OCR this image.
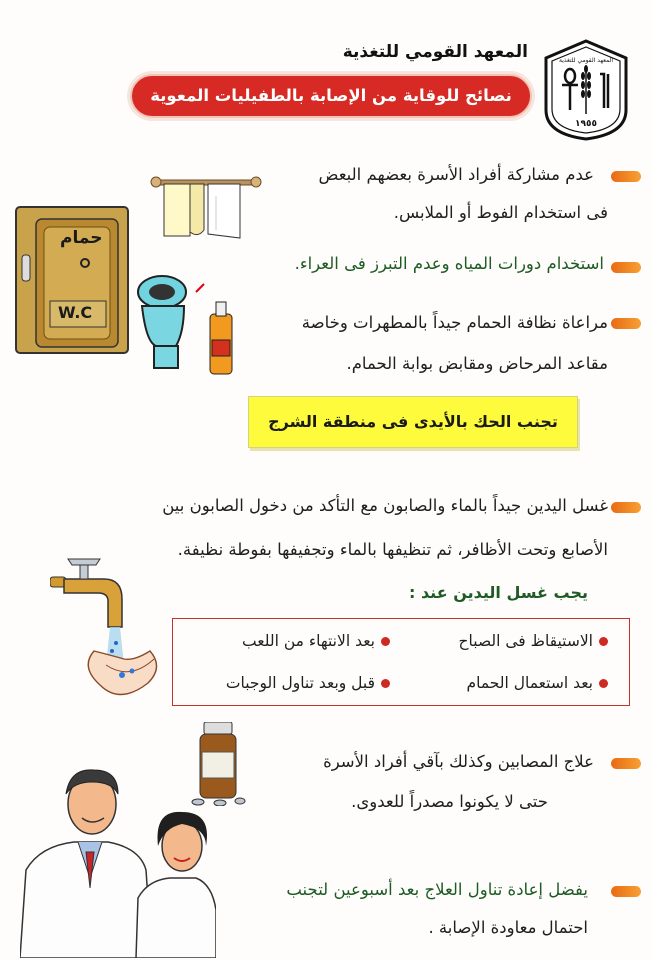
المعهد القومي للتغذية	المعهد القومي للتغذية
١٩٥٥
نصائح للوقاية من الإصابة بالطفيليات المعوية
عدم مشاركة أفراد الأسرة بعضهم البعض
فى استخدام الفوط أو الملابس.
حمام
W.C
استخدام دورات المياه وعدم التبرز فى العراء.
مراعاة نظافة الحمام جيداً بالمطهرات وخاصة
مقاعد المرحاض ومقابض بوابة الحمام.
تجنب الحك بالأيدى فى منطقة الشرج
غسل اليدين جيداً بالماء والصابون مع التأكد من دخول الصابون بين
الأصابع وتحت الأظافر، ثم تنظيفها بالماء وتجفيفها بفوطة نظيفة.
يجب غسل اليدين عند :
الاستيقاظ فى الصباح
بعد الانتهاء من اللعب
بعد استعمال الحمام
قبل وبعد تناول الوجبات
علاج المصابين وكذلك بآقي أفراد الأسرة
حتى لا يكونوا مصدراً للعدوى.
يفضل إعادة تناول العلاج بعد أسبوعين لتجنب
احتمال معاودة الإصابة .
